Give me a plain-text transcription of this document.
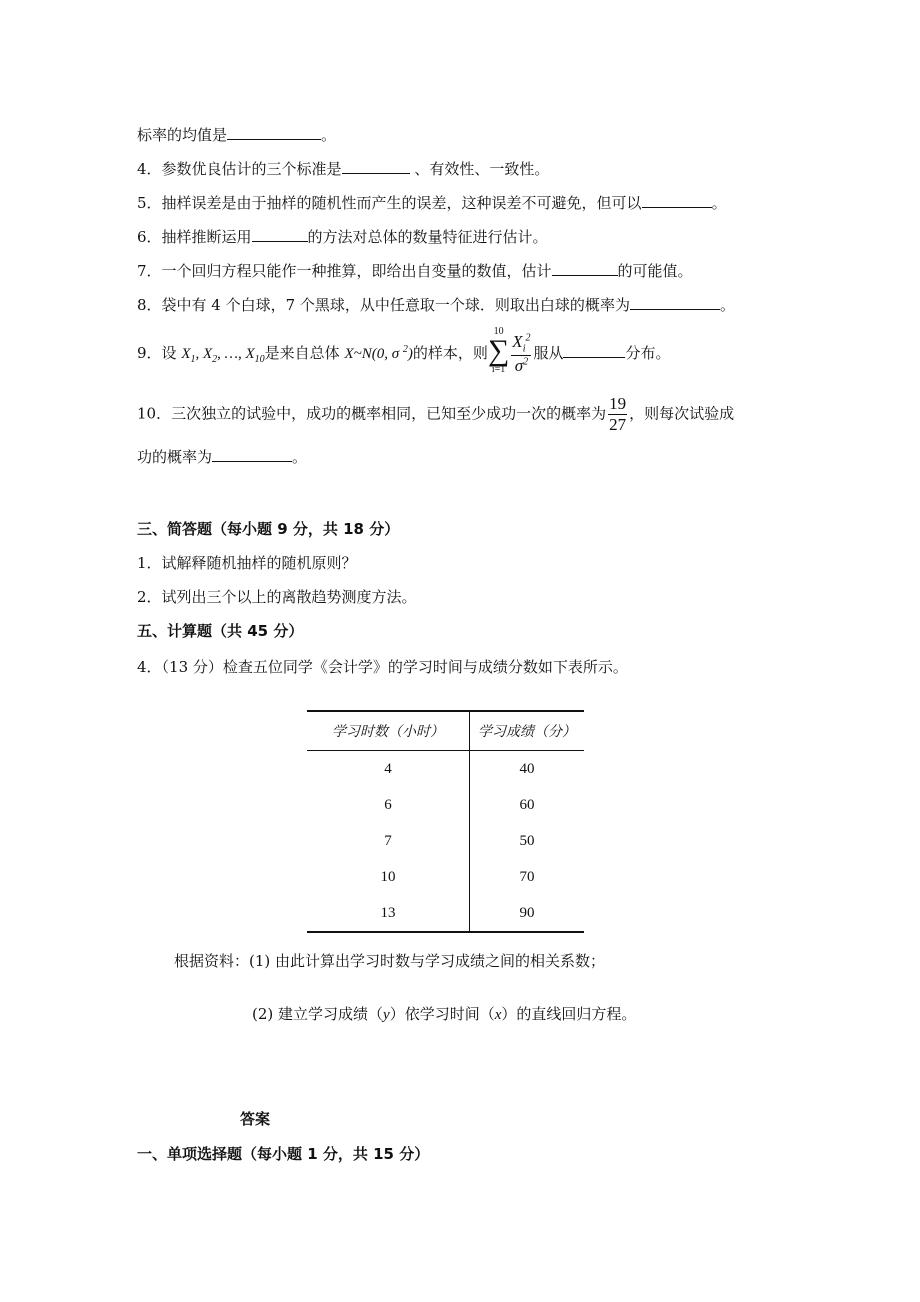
标率的均值是	。
4．参数优良估计的三个标准是	、有效性、一致性。
5．抽样误差是由于抽样的随机性而产生的误差，这种误差不可避免，但可以	。
6．抽样推断运用	的方法对总体的数量特征进行估计。
7．一个回归方程只能作一种推算，即给出自变量的数值，估计	的可能值。
8．袋中有 4 个白球，7 个黑球，从中任意取一个球．则取出白球的概率为	。
9．设 $X_1$, $X_2$, …, $X_{10}$是来自总体 X~N(0, σ $^2$)的样本，则
10
∑
$i=1 \frac{X_i^2}{\sigma^2}$ 服从	分布。
10．三次独立的试验中，成功的概率相同，已知至少成功一次的概率为 $\frac{19}{27}$ ，则每次试验成
功的概率为	。
三、简答题（每小题 9 分，共 18 分）
1．试解释随机抽样的随机原则？
2．试列出三个以上的离散趋势测度方法。
五、计算题（共 45 分）
4．（13 分）检查五位同学《会计学》的学习时间与成绩分数如下表所示。
学习时数（小时）	学习成绩（分）
4	40
6	60
7	50
10	70
13	90
根据资料：(1) 由此计算出学习时数与学习成绩之间的相关系数；
(2) 建立学习成绩（y）依学习时间（x）的直线回归方程。
答案
一、单项选择题（每小题 1 分，共 15 分）
